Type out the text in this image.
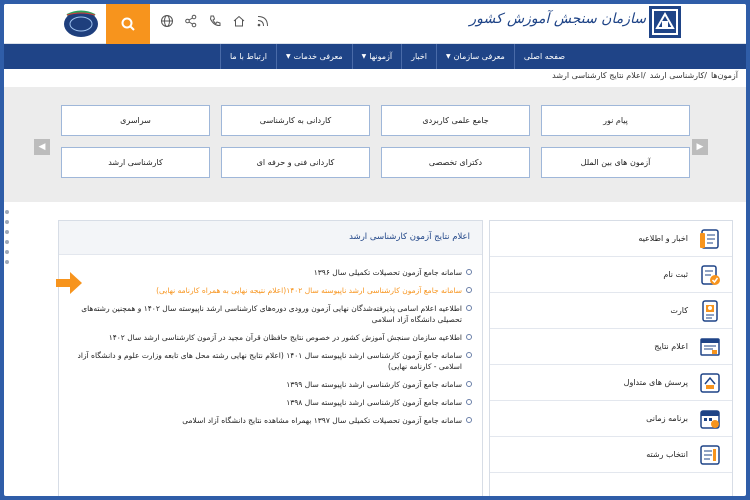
سازمان سنجش آموزش کشور
صفحه اصلی
معرفی سازمان
▼
اخبار
آزمونها
▼
معرفی خدمات
▼
ارتباط با ما
آزمون‌ها
/کارشناسی ارشد
/اعلام نتایج کارشناسی ارشد
◀	▶
پیام نور
جامع علمی کاربردی
کاردانی به کارشناسی
سراسری
آزمون های بین الملل
دکترای تخصصی
کاردانی فنی و حرفه ای
کارشناسی ارشد
اعلام نتایج آزمون کارشناسی ارشد
سامانه جامع آزمون تحصیلات تکمیلی سال ۱۳۹۶
سامانه جامع آزمون کارشناسی ارشد ناپیوسته سال ۱۴۰۲(اعلام نتیجه نهایی به همراه کارنامه نهایی)
اطلاعیه اعلام اسامی پذیرفته‌شدگان نهایی آزمون ورودی دوره‌های کارشناسی ارشد ناپیوسته سال ۱۴۰۲ و همچنین رشته‌های تحصیلی دانشگاه آزاد اسلامی
اطلاعیه سازمان سنجش آموزش کشور در خصوص نتایج حافظان قرآن مجید در آزمون کارشناسی ارشد سال ۱۴۰۲
سامانه جامع آزمون کارشناسی ارشد ناپیوسته سال ۱۴۰۱ (اعلام نتایج نهایی رشته محل های تابعه وزارت علوم و دانشگاه آزاد اسلامی - کارنامه نهایی)
سامانه جامع آزمون کارشناسی ارشد ناپیوسته سال ۱۳۹۹
سامانه جامع آزمون کارشناسی ارشد ناپیوسته سال ۱۳۹۸
سامانه جامع آزمون تحصیلات تکمیلی سال ۱۳۹۷ بهمراه مشاهده نتایج دانشگاه آزاد اسلامی
اخبار و اطلاعیه
ثبت نام
کارت
اعلام نتایج
پرسش های متداول
برنامه زمانی
انتخاب رشته
